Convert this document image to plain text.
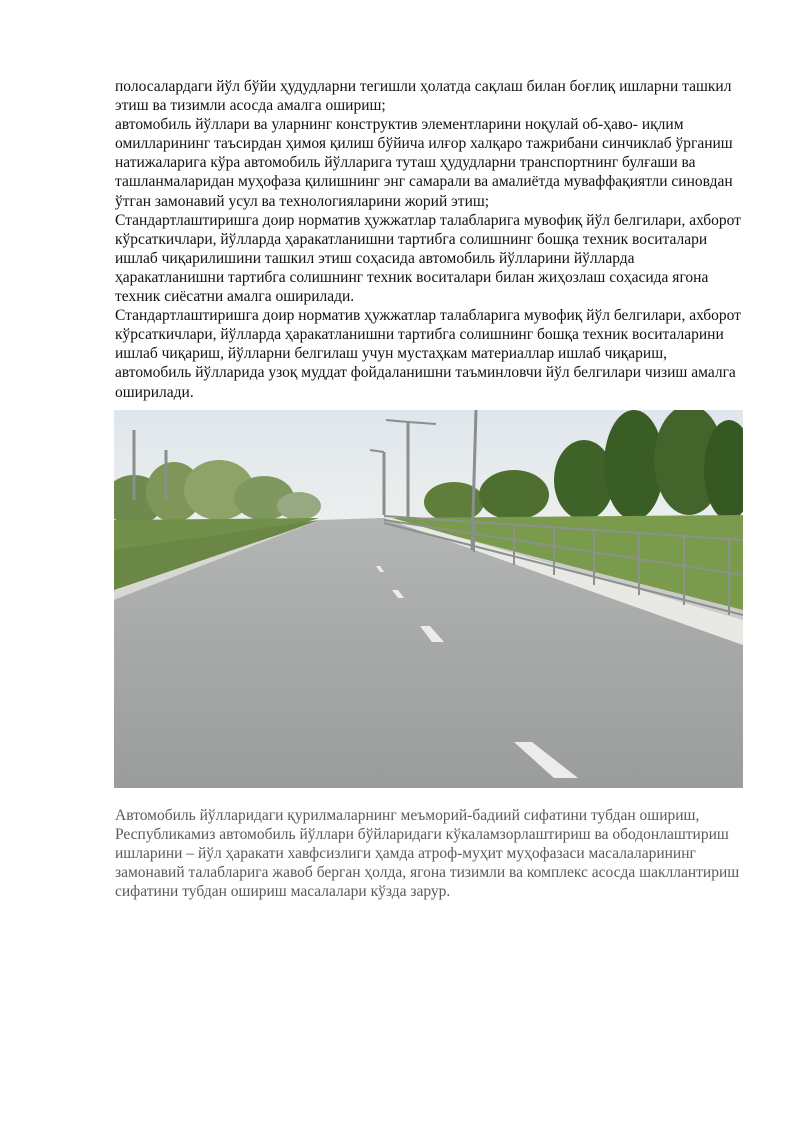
полосалардаги йўл бўйи ҳудудларни тегишли ҳолатда сақлаш билан боғлиқ ишларни ташкил этиш ва тизимли асосда амалга ошириш;

автомобиль йўллари ва уларнинг конструктив элементларини ноқулай об-ҳаво- иқлим омилларининг таъсирдан ҳимоя қилиш бўйича илғор халқаро тажрибани синчиклаб ўрганиш натижаларига кўра автомобиль йўлларига туташ ҳудудларни транспортнинг булғаши ва ташланмаларидан муҳофаза қилишнинг энг самарали ва амалиётда муваффақиятли синовдан ўтган замонавий усул ва технологияларини жорий этиш;

Стандартлаштиришга доир норматив ҳужжатлар талабларига мувофиқ йўл белгилари, ахборот кўрсаткичлари, йўлларда ҳаракатланишни тартибга солишнинг бошқа техник воситалари ишлаб чиқарилишини ташкил этиш соҳасида автомобиль йўлларини йўлларда ҳаракатланишни тартибга солишнинг техник воситалари билан жиҳозлаш соҳасида ягона техник сиёсатни амалга оширилади.

Стандартлаштиришга доир норматив ҳужжатлар талабларига мувофиқ йўл белгилари, ахборот кўрсаткичлари, йўлларда ҳаракатланишни тартибга солишнинг бошқа техник воситаларини ишлаб чиқариш, йўлларни белгилаш учун мустаҳкам материаллар ишлаб чиқариш, автомобиль йўлларида узоқ муддат фойдаланишни таъминловчи йўл белгилари чизиш амалга оширилади.

Автомобиль йўлларидаги қурилмаларнинг меъморий-бадиий сифатини тубдан ошириш, Республикамиз автомобиль йўллари бўйларидаги кўкаламзорлаштириш ва ободонлаштириш ишларини – йўл ҳаракати хавфсизлиги ҳамда атроф-муҳит муҳофазаси масалаларининг замонавий талабларига жавоб берган ҳолда, ягона тизимли ва комплекс асосда шакллантириш сифатини тубдан ошириш масалалари кўзда зарур.
